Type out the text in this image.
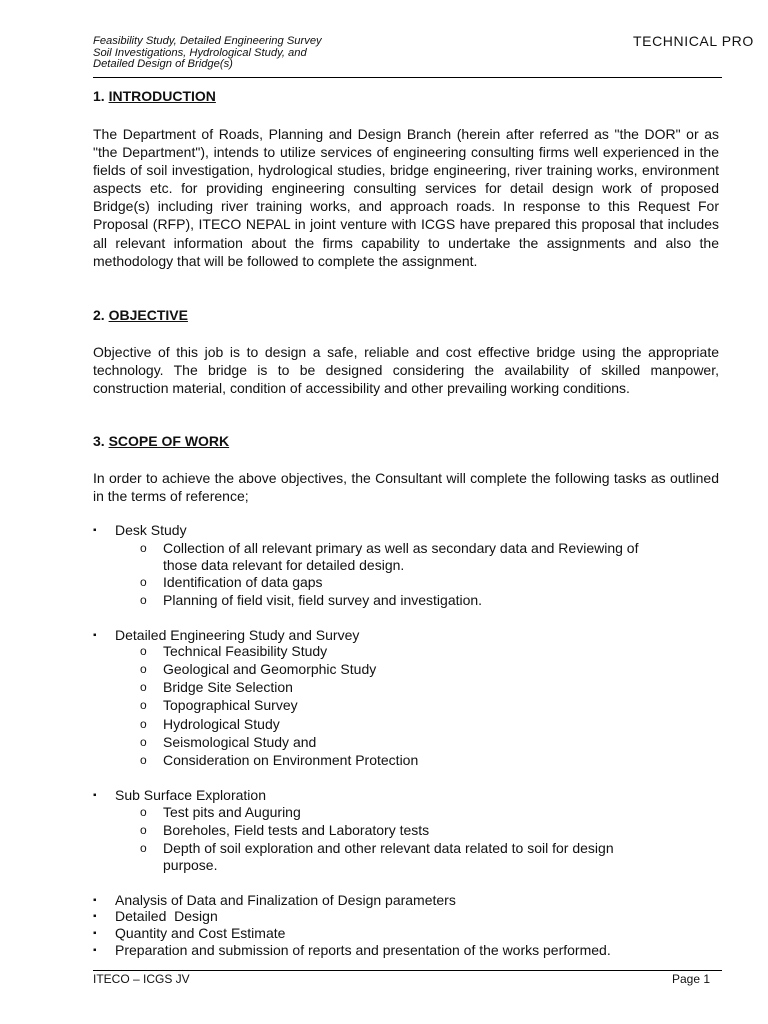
Feasibility Study, Detailed Engineering Survey
Soil Investigations, Hydrological Study, and
Detailed Design of Bridge(s)
TECHNICAL PRO
1. INTRODUCTION
The Department of Roads, Planning and Design Branch (herein after referred as "the DOR" or as "the Department"), intends to utilize services of engineering consulting firms well experienced in the fields of soil investigation, hydrological studies, bridge engineering, river training works, environment aspects etc. for providing engineering consulting services for detail design work of proposed Bridge(s) including river training works, and approach roads. In response to this Request For Proposal (RFP), ITECO NEPAL in joint venture with ICGS have prepared this proposal that includes all relevant information about the firms capability to undertake the assignments and also the methodology that will be followed to complete the assignment.
2. OBJECTIVE
Objective of this job is to design a safe, reliable and cost effective bridge using the appropriate technology. The bridge is to be designed considering the availability of skilled manpower, construction material, condition of accessibility and other prevailing working conditions.
3. SCOPE OF WORK
In order to achieve the above objectives, the Consultant will complete the following tasks as outlined in the terms of reference;
▪ Desk Study
o Collection of all relevant primary as well as secondary data and Reviewing of
those data relevant for detailed design.
o Identification of data gaps
o Planning of field visit, field survey and investigation.
▪ Detailed Engineering Study and Survey
o Technical Feasibility Study
o Geological and Geomorphic Study
o Bridge Site Selection
o Topographical Survey
o Hydrological Study
o Seismological Study and
o Consideration on Environment Protection
▪ Sub Surface Exploration
o Test pits and Auguring
o Boreholes, Field tests and Laboratory tests
o Depth of soil exploration and other relevant data related to soil for design
purpose.
▪ Analysis of Data and Finalization of Design parameters
▪ Detailed  Design
▪ Quantity and Cost Estimate
▪ Preparation and submission of reports and presentation of the works performed.
ITECO – ICGS JV	Page 1
